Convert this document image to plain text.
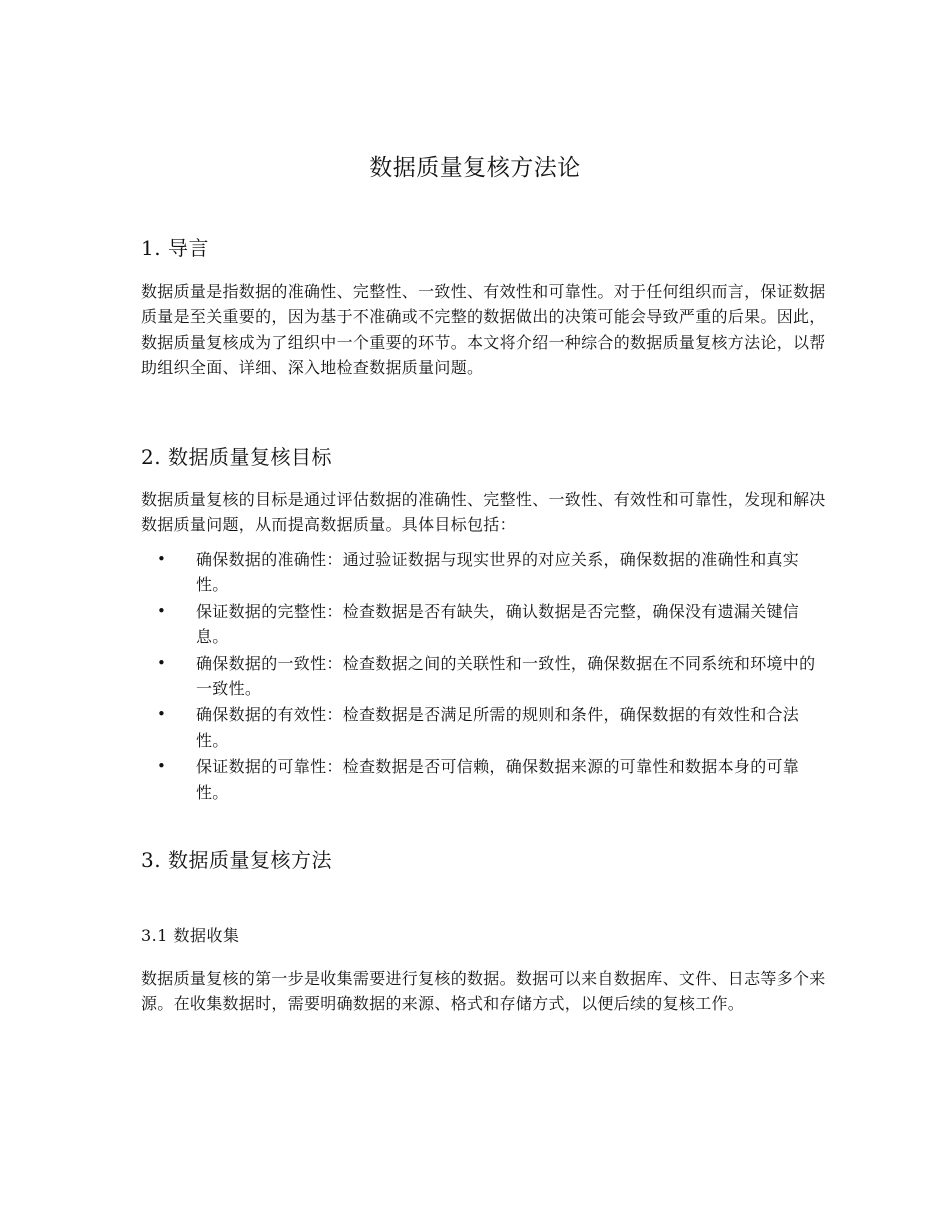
数据质量复核方法论
1. 导言
数据质量是指数据的准确性、完整性、一致性、有效性和可靠性。对于任何组织而言，保证数据质量是至关重要的，因为基于不准确或不完整的数据做出的决策可能会导致严重的后果。因此，数据质量复核成为了组织中一个重要的环节。本文将介绍一种综合的数据质量复核方法论，以帮助组织全面、详细、深入地检查数据质量问题。
2. 数据质量复核目标
数据质量复核的目标是通过评估数据的准确性、完整性、一致性、有效性和可靠性，发现和解决数据质量问题，从而提高数据质量。具体目标包括：
• 确保数据的准确性：通过验证数据与现实世界的对应关系，确保数据的准确性和真实性。
• 保证数据的完整性：检查数据是否有缺失，确认数据是否完整，确保没有遗漏关键信息。
• 确保数据的一致性：检查数据之间的关联性和一致性，确保数据在不同系统和环境中的一致性。
• 确保数据的有效性：检查数据是否满足所需的规则和条件，确保数据的有效性和合法性。
• 保证数据的可靠性：检查数据是否可信赖，确保数据来源的可靠性和数据本身的可靠性。
3. 数据质量复核方法
3.1 数据收集
数据质量复核的第一步是收集需要进行复核的数据。数据可以来自数据库、文件、日志等多个来源。在收集数据时，需要明确数据的来源、格式和存储方式，以便后续的复核工作。
